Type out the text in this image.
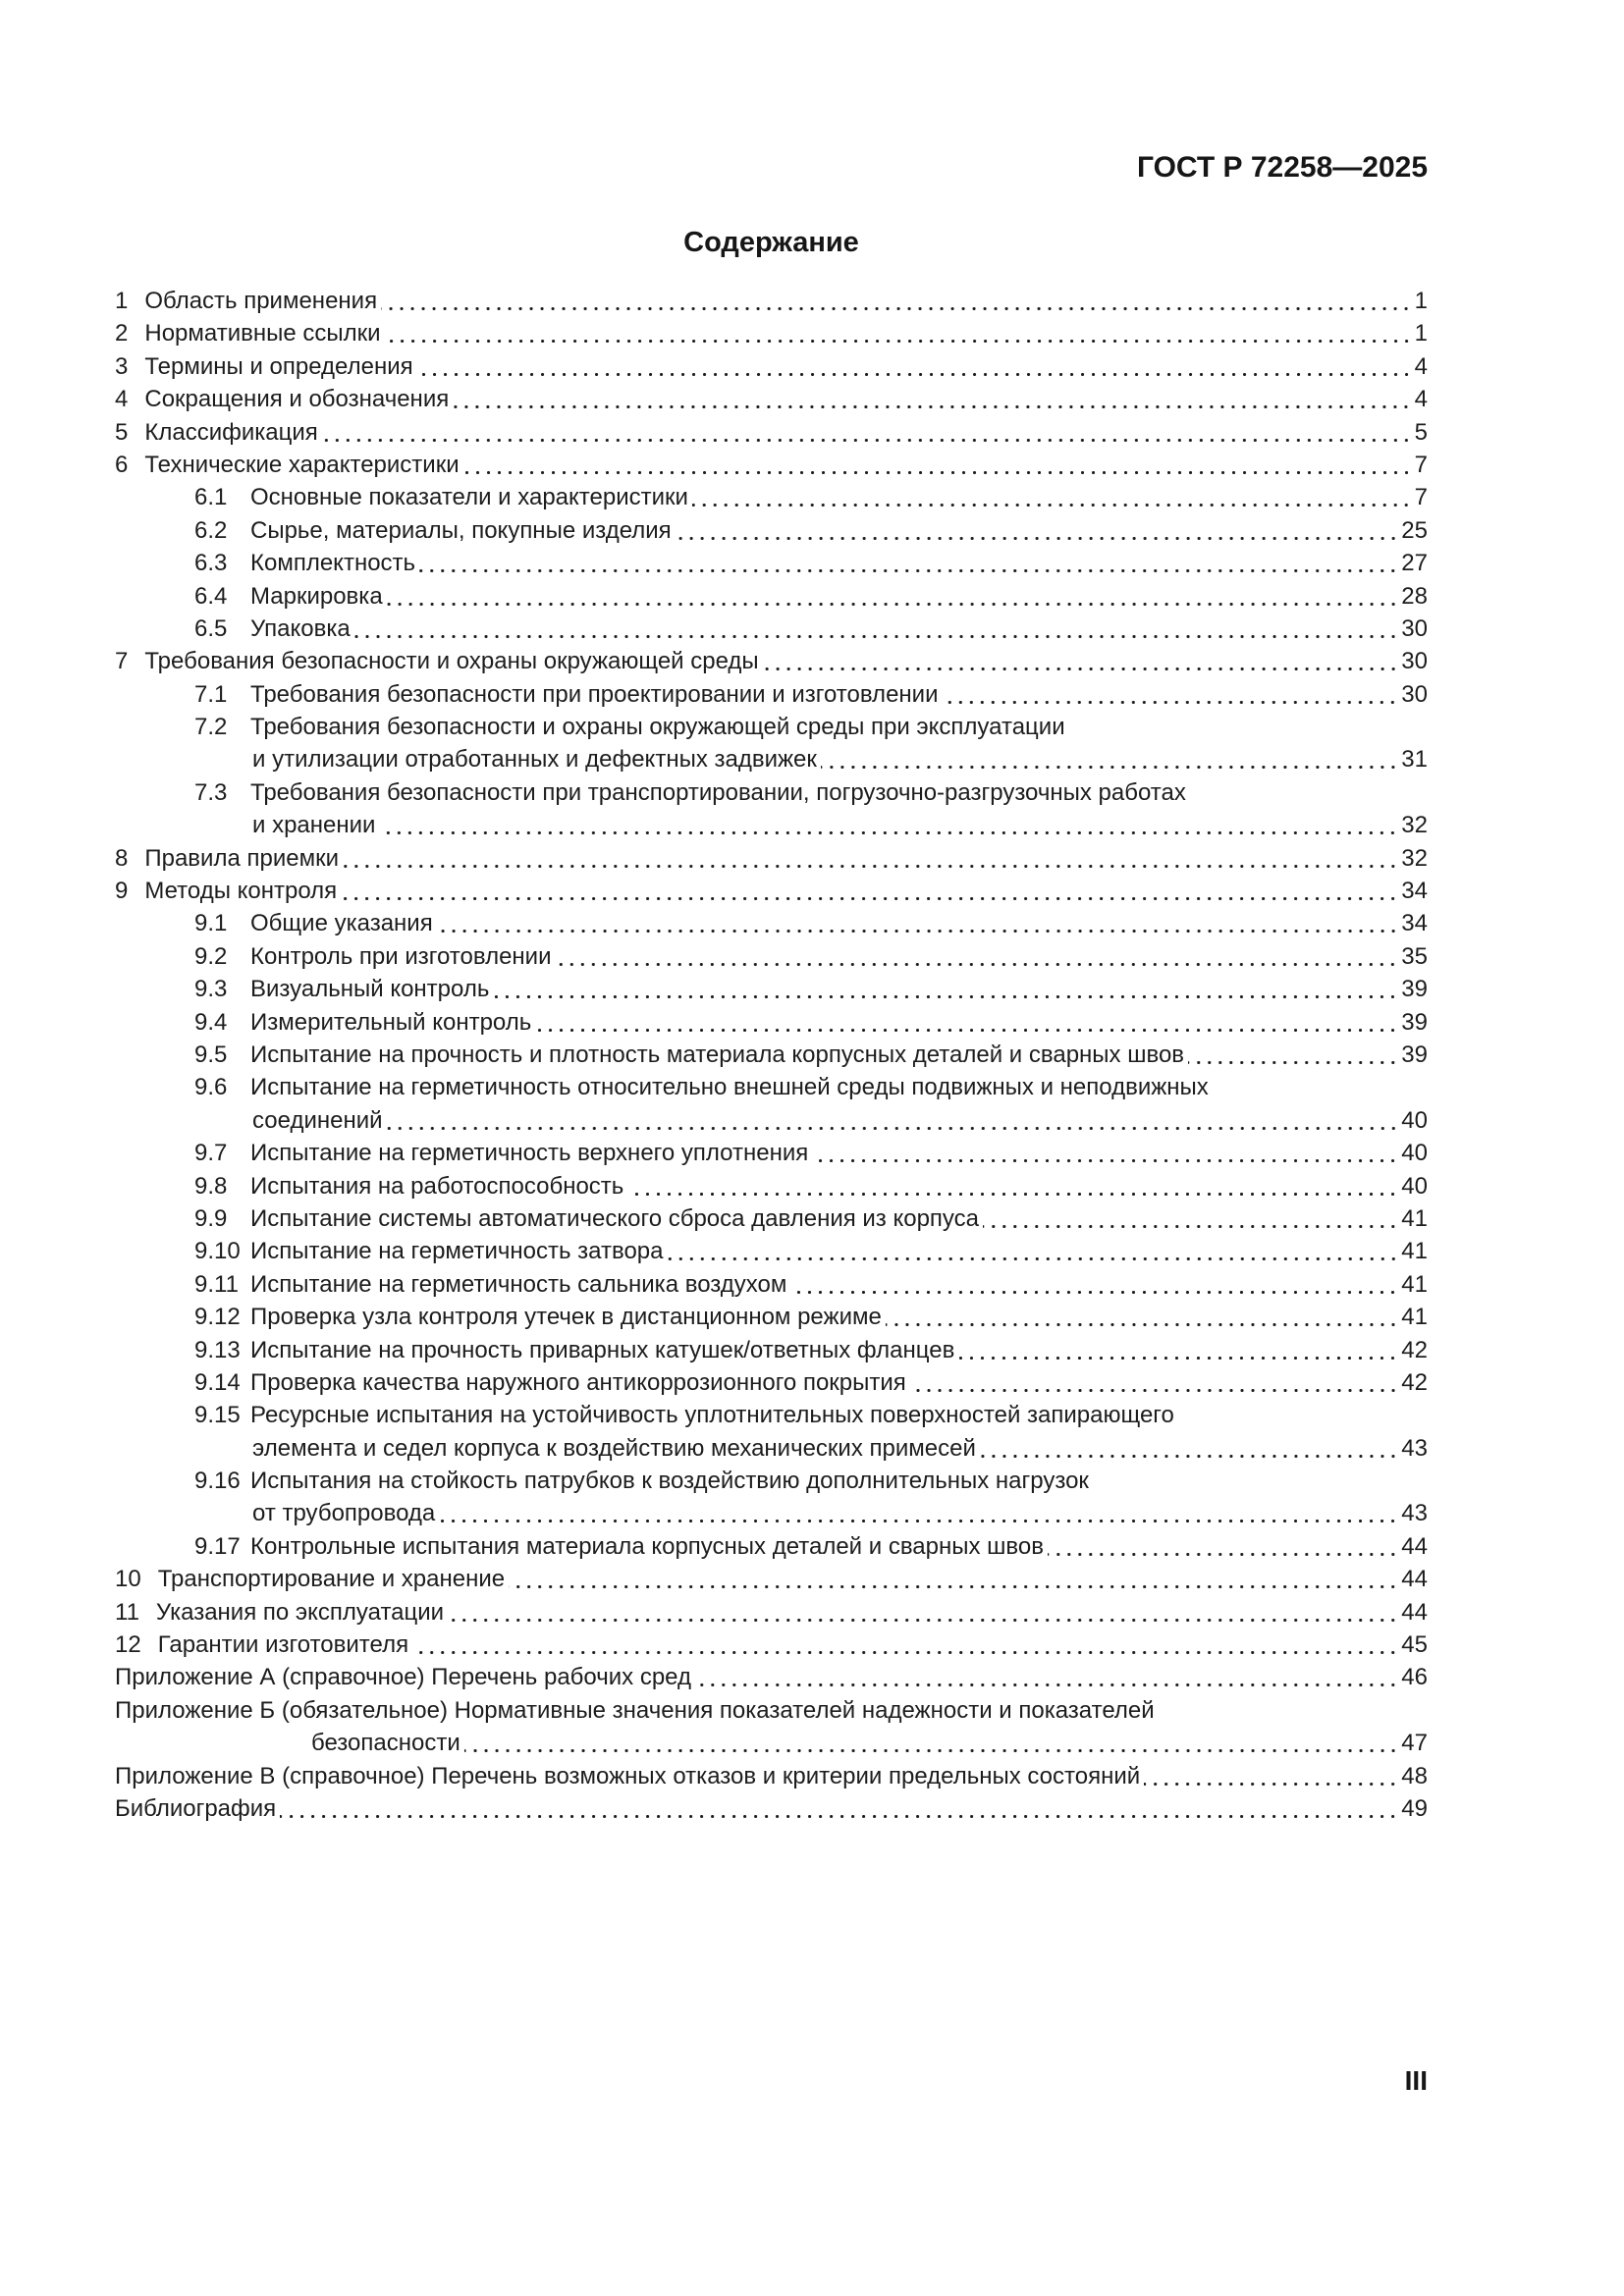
ГОСТ Р 72258—2025
Содержание
1 Область применения	1
2 Нормативные ссылки	1
3 Термины и определения	4
4 Сокращения и обозначения	4
5 Классификация	5
6 Технические характеристики	7
6.1 Основные показатели и характеристики	7
6.2 Сырье, материалы, покупные изделия	25
6.3 Комплектность	27
6.4 Маркировка	28
6.5 Упаковка	30
7 Требования безопасности и охраны окружающей среды	30
7.1 Требования безопасности при проектировании и изготовлении	30
7.2 Требования безопасности и охраны окружающей среды при эксплуатации
и утилизации отработанных и дефектных задвижек	31
7.3 Требования безопасности при транспортировании, погрузочно-разгрузочных работах
и хранении	32
8 Правила приемки	32
9 Методы контроля	34
9.1 Общие указания	34
9.2 Контроль при изготовлении	35
9.3 Визуальный контроль	39
9.4 Измерительный контроль	39
9.5 Испытание на прочность и плотность материала корпусных деталей и сварных швов	39
9.6 Испытание на герметичность относительно внешней среды подвижных и неподвижных
соединений	40
9.7 Испытание на герметичность верхнего уплотнения	40
9.8 Испытания на работоспособность	40
9.9 Испытание системы автоматического сброса давления из корпуса	41
9.10 Испытание на герметичность затвора	41
9.11 Испытание на герметичность сальника воздухом	41
9.12 Проверка узла контроля утечек в дистанционном режиме	41
9.13 Испытание на прочность приварных катушек/ответных фланцев	42
9.14 Проверка качества наружного антикоррозионного покрытия	42
9.15 Ресурсные испытания на устойчивость уплотнительных поверхностей запирающего
элемента и седел корпуса к воздействию механических примесей	43
9.16 Испытания на стойкость патрубков к воздействию дополнительных нагрузок
от трубопровода	43
9.17 Контрольные испытания материала корпусных деталей и сварных швов	44
10 Транспортирование и хранение	44
11 Указания по эксплуатации	44
12 Гарантии изготовителя	45
Приложение А (справочное) Перечень рабочих сред	46
Приложение Б (обязательное) Нормативные значения показателей надежности и показателей
безопасности	47
Приложение В (справочное) Перечень возможных отказов и критерии предельных состояний	48
Библиография	49
III
